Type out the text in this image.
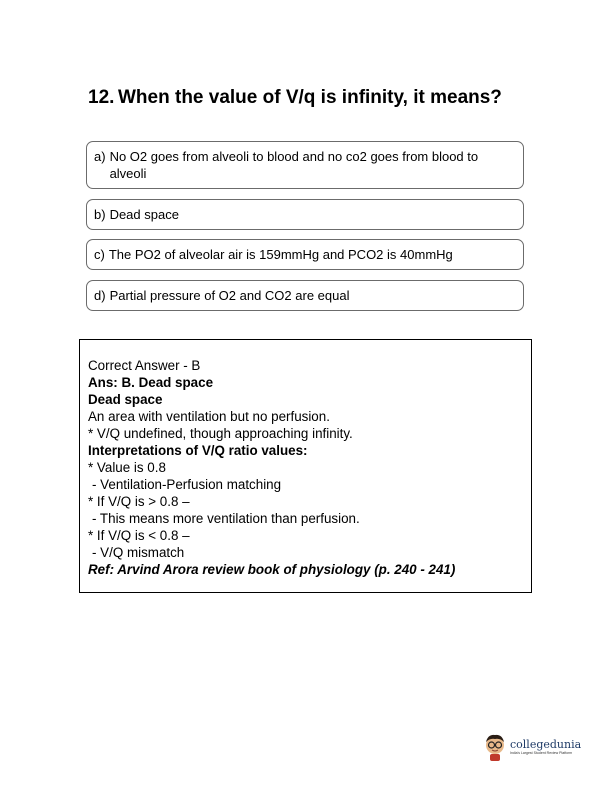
12. When the value of V/q is infinity, it means?
a) No O2 goes from alveoli to blood and no co2 goes from blood to alveoli
b) Dead space
c) The PO2 of alveolar air is 159mmHg and PCO2 is 40mmHg
d) Partial pressure of O2 and CO2 are equal
Correct Answer - B
Ans: B. Dead space
Dead space
An area with ventilation but no perfusion.
* V/Q undefined, though approaching infinity.
Interpretations of V/Q ratio values:
* Value is 0.8
- Ventilation-Perfusion matching
* If V/Q is > 0.8 –
- This means more ventilation than perfusion.
* If V/Q is < 0.8 –
- V/Q mismatch
Ref: Arvind Arora review book of physiology (p. 240 - 241)
collegedunia
India's Largest Student Review Platform
